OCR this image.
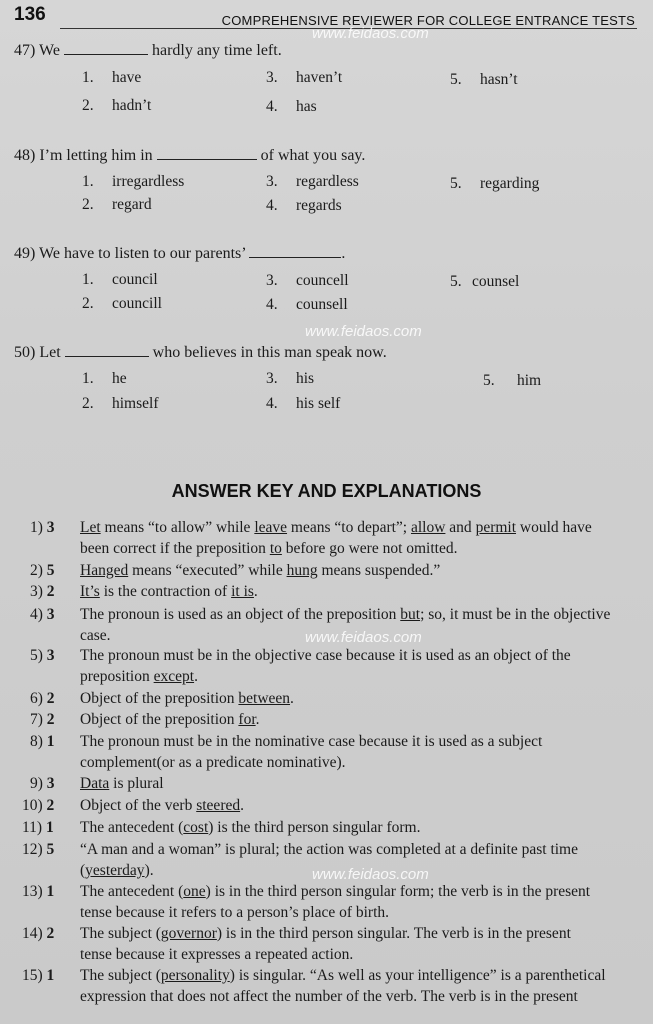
136	COMPREHENSIVE REVIEWER FOR COLLEGE ENTRANCE TESTS
www.feidaos.com
www.feidaos.com
www.feidaos.com
www.feidaos.com
47) We	hardly any time left.
1. have	3. haven’t	5. hasn’t
2. hadn’t	4. has
48) I’m letting him in	of what you say.
1. irregardless	3. regardless	5. regarding
2. regard	4. regards
49) We have to listen to our parents’	.
1. council	3. councell	5. counsel
2. councill	4. counsell
50) Let	who believes in this man speak now.
1. he	3. his	5. him
2. himself	4. his self
ANSWER KEY AND EXPLANATIONS
1) 3	Let means “to allow” while leave means “to depart”; allow and permit would have
been correct if the preposition to before go were not omitted.
2) 5	Hanged means “executed” while hung means suspended.”
3) 2	It’s is the contraction of it is.
4) 3	The pronoun is used as an object of the preposition but; so, it must be in the objective
case.
5) 3	The pronoun must be in the objective case because it is used as an object of the
preposition except.
6) 2	Object of the preposition between.
7) 2	Object of the preposition for.
8) 1	The pronoun must be in the nominative case because it is used as a subject
complement(or as a predicate nominative).
9) 3	Data is plural
10) 2	Object of the verb steered.
11) 1	The antecedent (cost) is the third person singular form.
12) 5	“A man and a woman” is plural; the action was completed at a definite past time
(yesterday).
13) 1	The antecedent (one) is in the third person singular form; the verb is in the present
tense because it refers to a person’s place of birth.
14) 2	The subject (governor) is in the third person singular. The verb is in the present
tense because it expresses a repeated action.
15) 1	The subject (personality) is singular. “As well as your intelligence” is a parenthetical
expression that does not affect the number of the verb. The verb is in the present
